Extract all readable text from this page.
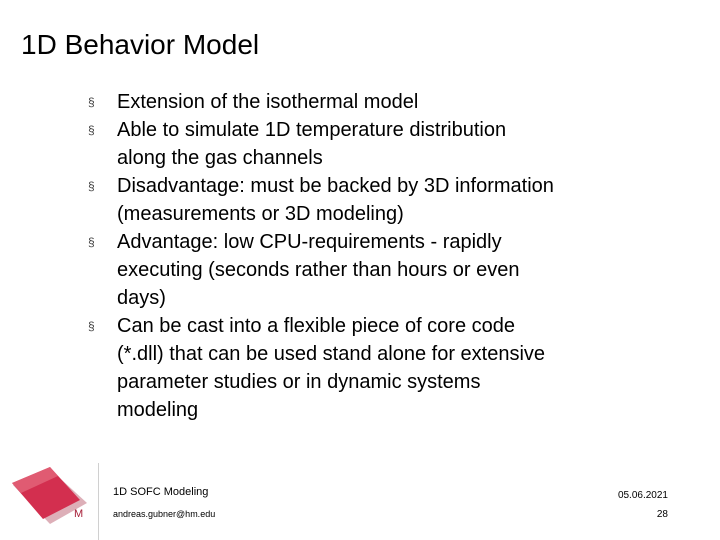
1D Behavior Model
§	Extension of the isothermal model
§	Able to simulate 1D temperature distribution
along the gas channels
§	Disadvantage: must be backed by 3D information
(measurements or 3D modeling)
§	Advantage: low CPU-requirements - rapidly
executing (seconds rather than hours or even
days)
§	Can be cast into a flexible piece of core code
(*.dll) that can be used stand alone for extensive
parameter studies or in dynamic systems
modeling
M
1D SOFC Modeling
andreas.gubner@hm.edu
05.06.2021
28
